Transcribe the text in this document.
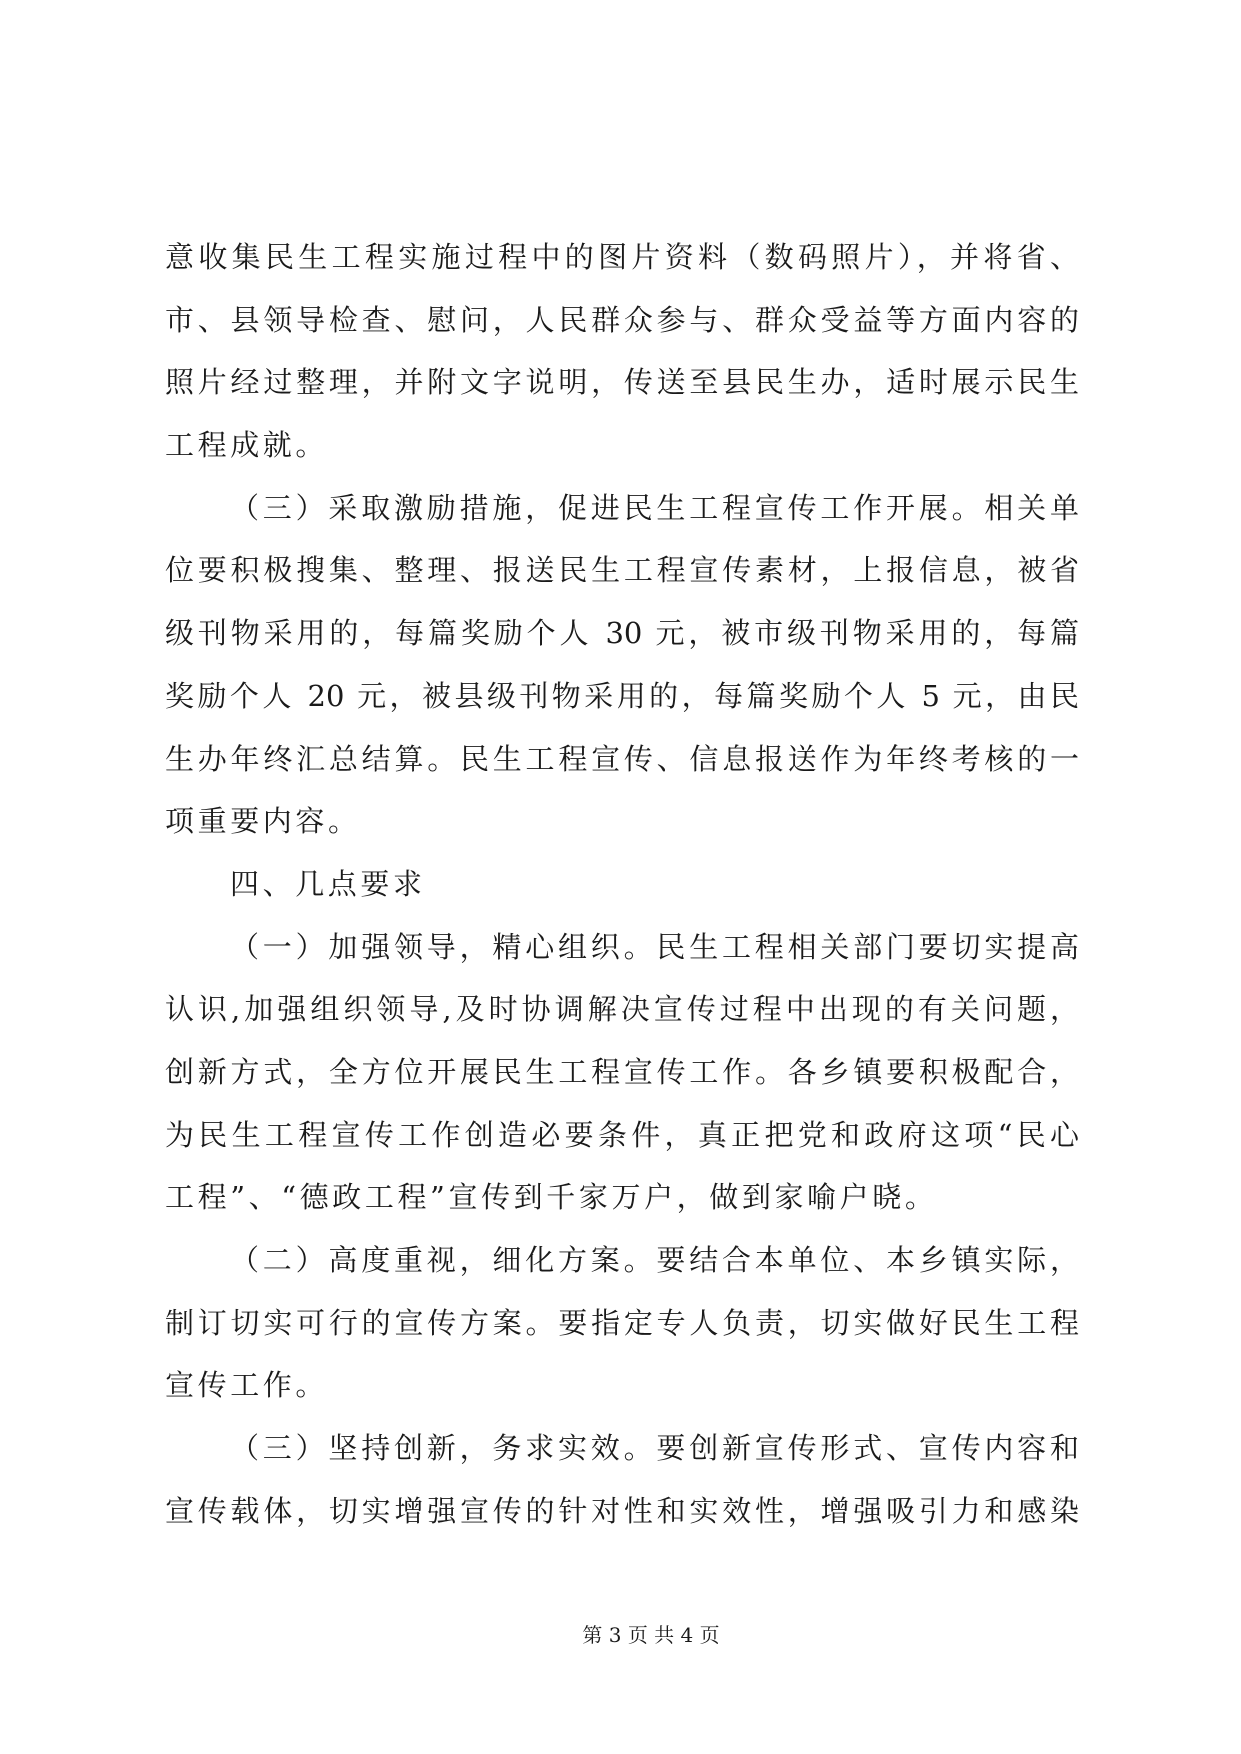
意收集民生工程实施过程中的图片资料（数码照片），并将省、
市、县领导检查、慰问，人民群众参与、群众受益等方面内容的
照片经过整理，并附文字说明，传送至县民生办，适时展示民生
工程成就。
（三）采取激励措施，促进民生工程宣传工作开展。相关单
位要积极搜集、整理、报送民生工程宣传素材，上报信息，被省
级刊物采用的，每篇奖励个人 30 元，被市级刊物采用的，每篇
奖励个人 20 元，被县级刊物采用的，每篇奖励个人 5 元，由民
生办年终汇总结算。民生工程宣传、信息报送作为年终考核的一
项重要内容。
四、几点要求
（一）加强领导，精心组织。民生工程相关部门要切实提高
认识,加强组织领导,及时协调解决宣传过程中出现的有关问题，
创新方式，全方位开展民生工程宣传工作。各乡镇要积极配合，
为民生工程宣传工作创造必要条件，真正把党和政府这项“民心
工程”、“德政工程”宣传到千家万户，做到家喻户晓。
（二）高度重视，细化方案。要结合本单位、本乡镇实际，
制订切实可行的宣传方案。要指定专人负责，切实做好民生工程
宣传工作。
（三）坚持创新，务求实效。要创新宣传形式、宣传内容和
宣传载体，切实增强宣传的针对性和实效性，增强吸引力和感染
第 3 页 共 4 页
